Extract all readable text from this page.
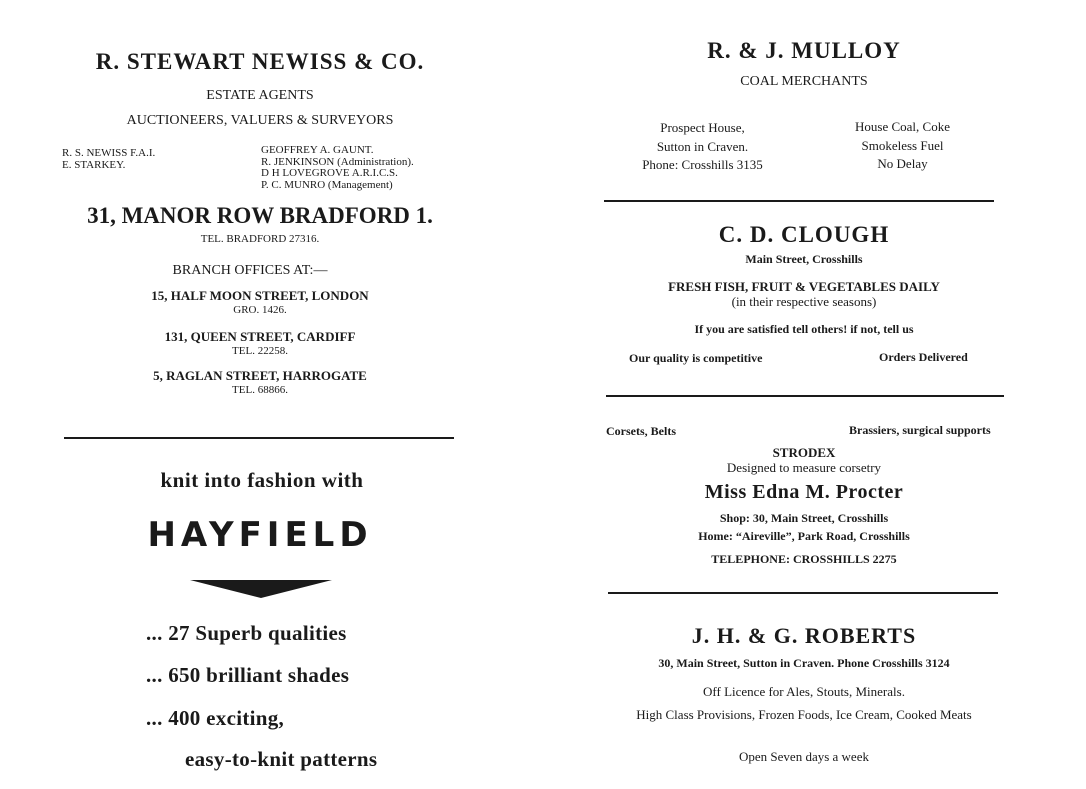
R. STEWART NEWISS & CO.
ESTATE AGENTS
AUCTIONEERS, VALUERS & SURVEYORS
R. S. NEWISS F.A.I.
E. STARKEY.
GEOFFREY A. GAUNT.
R. JENKINSON (Administration).
D H LOVEGROVE A.R.I.C.S.
P. C. MUNRO (Management)
31, MANOR ROW BRADFORD 1.
TEL. BRADFORD 27316.
BRANCH OFFICES AT:—
15, HALF MOON STREET, LONDON
GRO. 1426.
131, QUEEN STREET, CARDIFF
TEL. 22258.
5, RAGLAN STREET, HARROGATE
TEL. 68866.
knit into fashion with
HAYFIELD
... 27 Superb qualities
... 650 brilliant shades
... 400 exciting,
easy-to-knit patterns
R. & J. MULLOY
COAL MERCHANTS
Prospect House,
Sutton in Craven.
Phone: Crosshills 3135
House Coal, Coke
Smokeless Fuel
No Delay
C. D. CLOUGH
Main Street, Crosshills
FRESH FISH, FRUIT & VEGETABLES DAILY
(in their respective seasons)
If you are satisfied tell others! if not, tell us
Our quality is competitive	Orders Delivered
Corsets, Belts	Brassiers, surgical supports
STRODEX
Designed to measure corsetry
Miss Edna M. Procter
Shop: 30, Main Street, Crosshills
Home: “Aireville”, Park Road, Crosshills
TELEPHONE: CROSSHILLS 2275
J. H. & G. ROBERTS
30, Main Street, Sutton in Craven. Phone Crosshills 3124
Off Licence for Ales, Stouts, Minerals.
High Class Provisions, Frozen Foods, Ice Cream, Cooked Meats
Open Seven days a week
